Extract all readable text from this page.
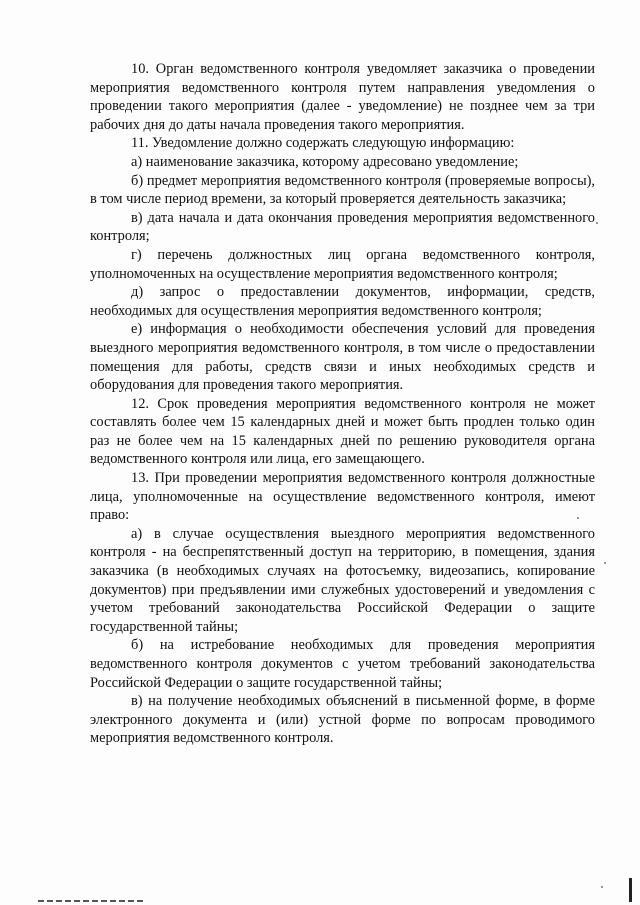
10. Орган ведомственного контроля уведомляет заказчика о проведении мероприятия ведомственного контроля путем направления уведомления о проведении такого мероприятия (далее - уведомление) не позднее чем за три рабочих дня до даты начала проведения такого мероприятия.

11. Уведомление должно содержать следующую информацию:

а) наименование заказчика, которому адресовано уведомление;

б) предмет мероприятия ведомственного контроля (проверяемые вопросы), в том числе период времени, за который проверяется деятельность заказчика;

в) дата начала и дата окончания проведения мероприятия ведомственного контроля;

г) перечень должностных лиц органа ведомственного контроля, уполномоченных на осуществление мероприятия ведомственного контроля;

д) запрос о предоставлении документов, информации, средств, необходимых для осуществления мероприятия ведомственного контроля;

е) информация о необходимости обеспечения условий для проведения выездного мероприятия ведомственного контроля, в том числе о предоставлении помещения для работы, средств связи и иных необходимых средств и оборудования для проведения такого мероприятия.

12. Срок проведения мероприятия ведомственного контроля не может составлять более чем 15 календарных дней и может быть продлен только один раз не более чем на 15 календарных дней по решению руководителя органа ведомственного контроля или лица, его замещающего.

13. При проведении мероприятия ведомственного контроля должностные лица, уполномоченные на осуществление ведомственного контроля, имеют право:

а) в случае осуществления выездного мероприятия ведомственного контроля - на беспрепятственный доступ на территорию, в помещения, здания заказчика (в необходимых случаях на фотосъемку, видеозапись, копирование документов) при предъявлении ими служебных удостоверений и уведомления с учетом требований законодательства Российской Федерации о защите государственной тайны;

б) на истребование необходимых для проведения мероприятия ведомственного контроля документов с учетом требований законодательства Российской Федерации о защите государственной тайны;

в) на получение необходимых объяснений в письменной форме, в форме электронного документа и (или) устной форме по вопросам проводимого мероприятия ведомственного контроля.
